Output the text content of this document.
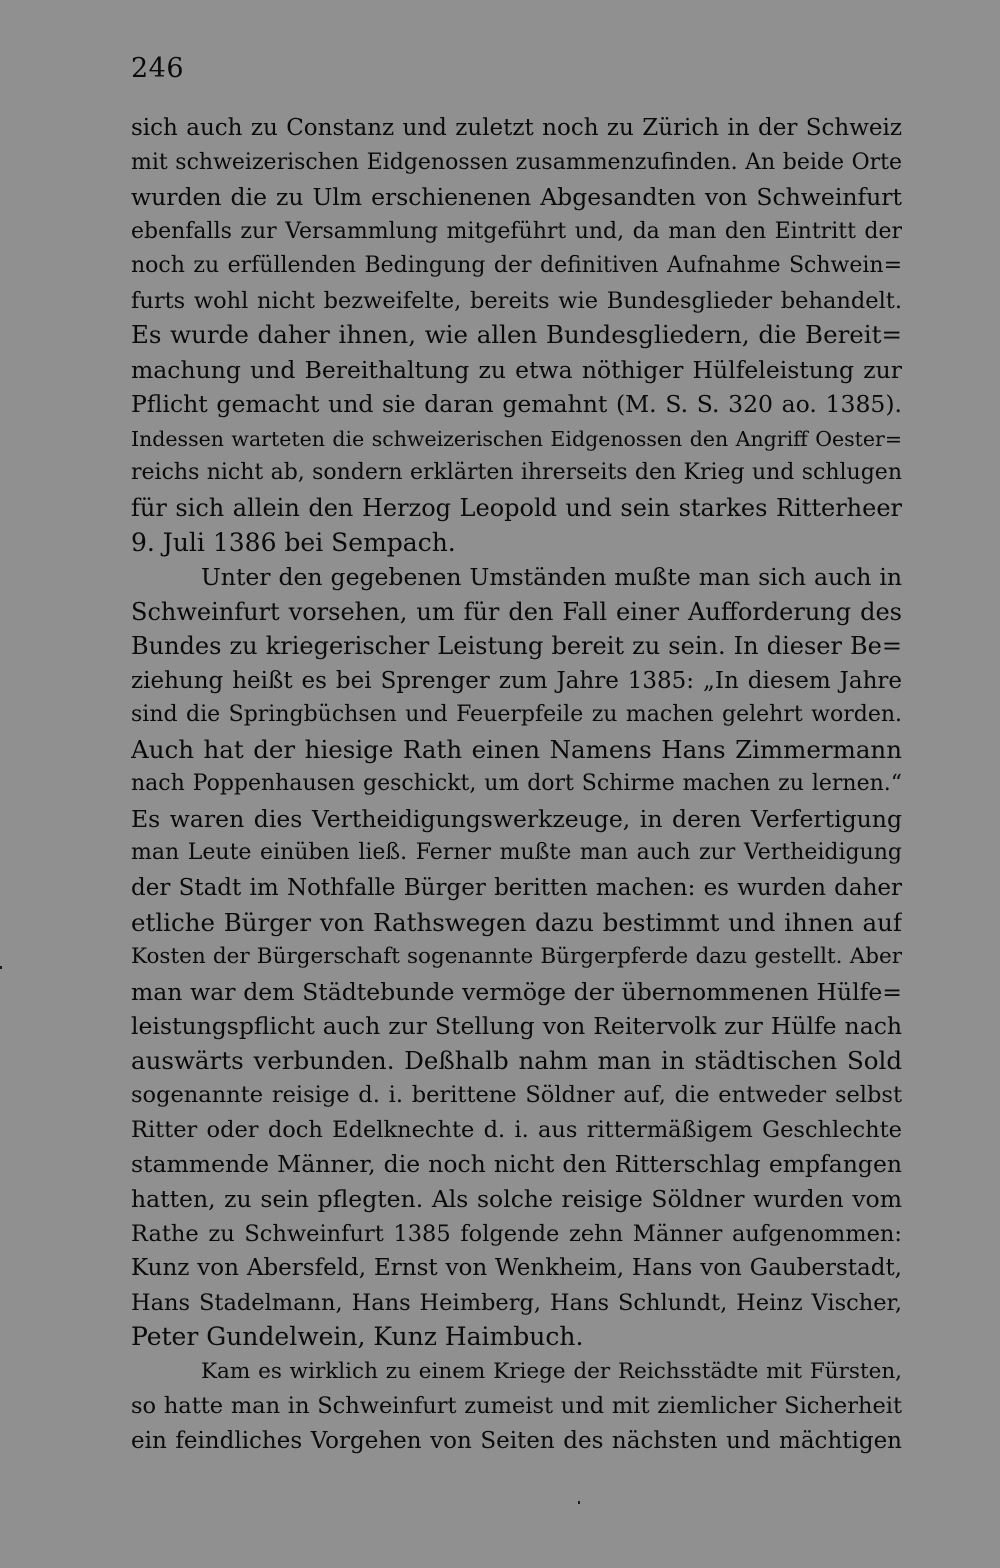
246
sich auch zu Constanz und zuletzt noch zu Zürich in der Schweiz
mit schweizerischen Eidgenossen zusammenzufinden. An beide Orte
wurden die zu Ulm erschienenen Abgesandten von Schweinfurt
ebenfalls zur Versammlung mitgeführt und, da man den Eintritt der
noch zu erfüllenden Bedingung der definitiven Aufnahme Schwein=
furts wohl nicht bezweifelte, bereits wie Bundesglieder behandelt.
Es wurde daher ihnen, wie allen Bundesgliedern, die Bereit=
machung und Bereithaltung zu etwa nöthiger Hülfeleistung zur
Pflicht gemacht und sie daran gemahnt (M. S. S. 320 ao. 1385).
Indessen warteten die schweizerischen Eidgenossen den Angriff Oester=
reichs nicht ab, sondern erklärten ihrerseits den Krieg und schlugen
für sich allein den Herzog Leopold und sein starkes Ritterheer
9. Juli 1386 bei Sempach.
Unter den gegebenen Umständen mußte man sich auch in
Schweinfurt vorsehen, um für den Fall einer Aufforderung des
Bundes zu kriegerischer Leistung bereit zu sein. In dieser Be=
ziehung heißt es bei Sprenger zum Jahre 1385: „In diesem Jahre
sind die Springbüchsen und Feuerpfeile zu machen gelehrt worden.
Auch hat der hiesige Rath einen Namens Hans Zimmermann
nach Poppenhausen geschickt, um dort Schirme machen zu lernen.“
Es waren dies Vertheidigungswerkzeuge, in deren Verfertigung
man Leute einüben ließ. Ferner mußte man auch zur Vertheidigung
der Stadt im Nothfalle Bürger beritten machen: es wurden daher
etliche Bürger von Rathswegen dazu bestimmt und ihnen auf
Kosten der Bürgerschaft sogenannte Bürgerpferde dazu gestellt. Aber
man war dem Städtebunde vermöge der übernommenen Hülfe=
leistungspflicht auch zur Stellung von Reitervolk zur Hülfe nach
auswärts verbunden. Deßhalb nahm man in städtischen Sold
sogenannte reisige d. i. berittene Söldner auf, die entweder selbst
Ritter oder doch Edelknechte d. i. aus rittermäßigem Geschlechte
stammende Männer, die noch nicht den Ritterschlag empfangen
hatten, zu sein pflegten. Als solche reisige Söldner wurden vom
Rathe zu Schweinfurt 1385 folgende zehn Männer aufgenommen:
Kunz von Abersfeld, Ernst von Wenkheim, Hans von Gauberstadt,
Hans Stadelmann, Hans Heimberg, Hans Schlundt, Heinz Vischer,
Peter Gundelwein, Kunz Haimbuch.
Kam es wirklich zu einem Kriege der Reichsstädte mit Fürsten,
so hatte man in Schweinfurt zumeist und mit ziemlicher Sicherheit
ein feindliches Vorgehen von Seiten des nächsten und mächtigen
